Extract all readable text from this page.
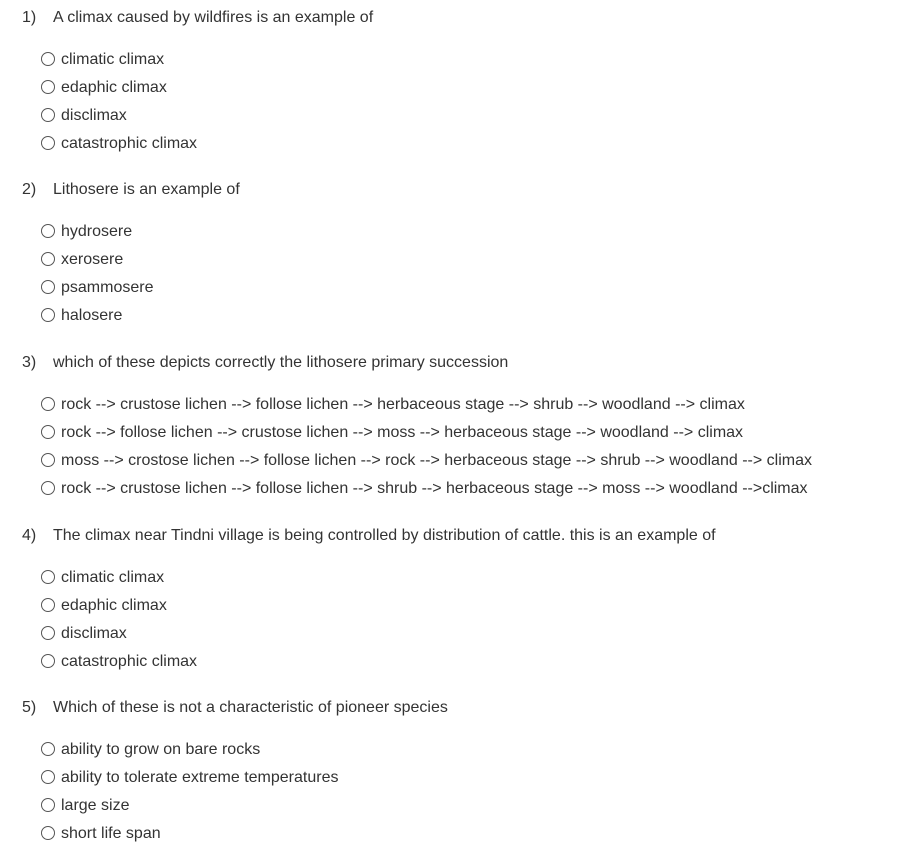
1) A climax caused by wildfires is an example of
climatic climax
edaphic climax
disclimax
catastrophic climax
2) Lithosere is an example of
hydrosere
xerosere
psammosere
halosere
3) which of these depicts correctly the lithosere primary succession
rock --> crustose lichen --> follose lichen --> herbaceous stage --> shrub --> woodland --> climax
rock --> follose lichen --> crustose lichen --> moss --> herbaceous stage --> woodland --> climax
moss --> crostose lichen --> follose lichen --> rock --> herbaceous stage --> shrub --> woodland --> climax
rock --> crustose lichen --> follose lichen --> shrub --> herbaceous stage --> moss --> woodland -->climax
4) The climax near Tindni village is being controlled by distribution of cattle. this is an example of
climatic climax
edaphic climax
disclimax
catastrophic climax
5) Which of these is not a characteristic of pioneer species
ability to grow on bare rocks
ability to tolerate extreme temperatures
large size
short life span
